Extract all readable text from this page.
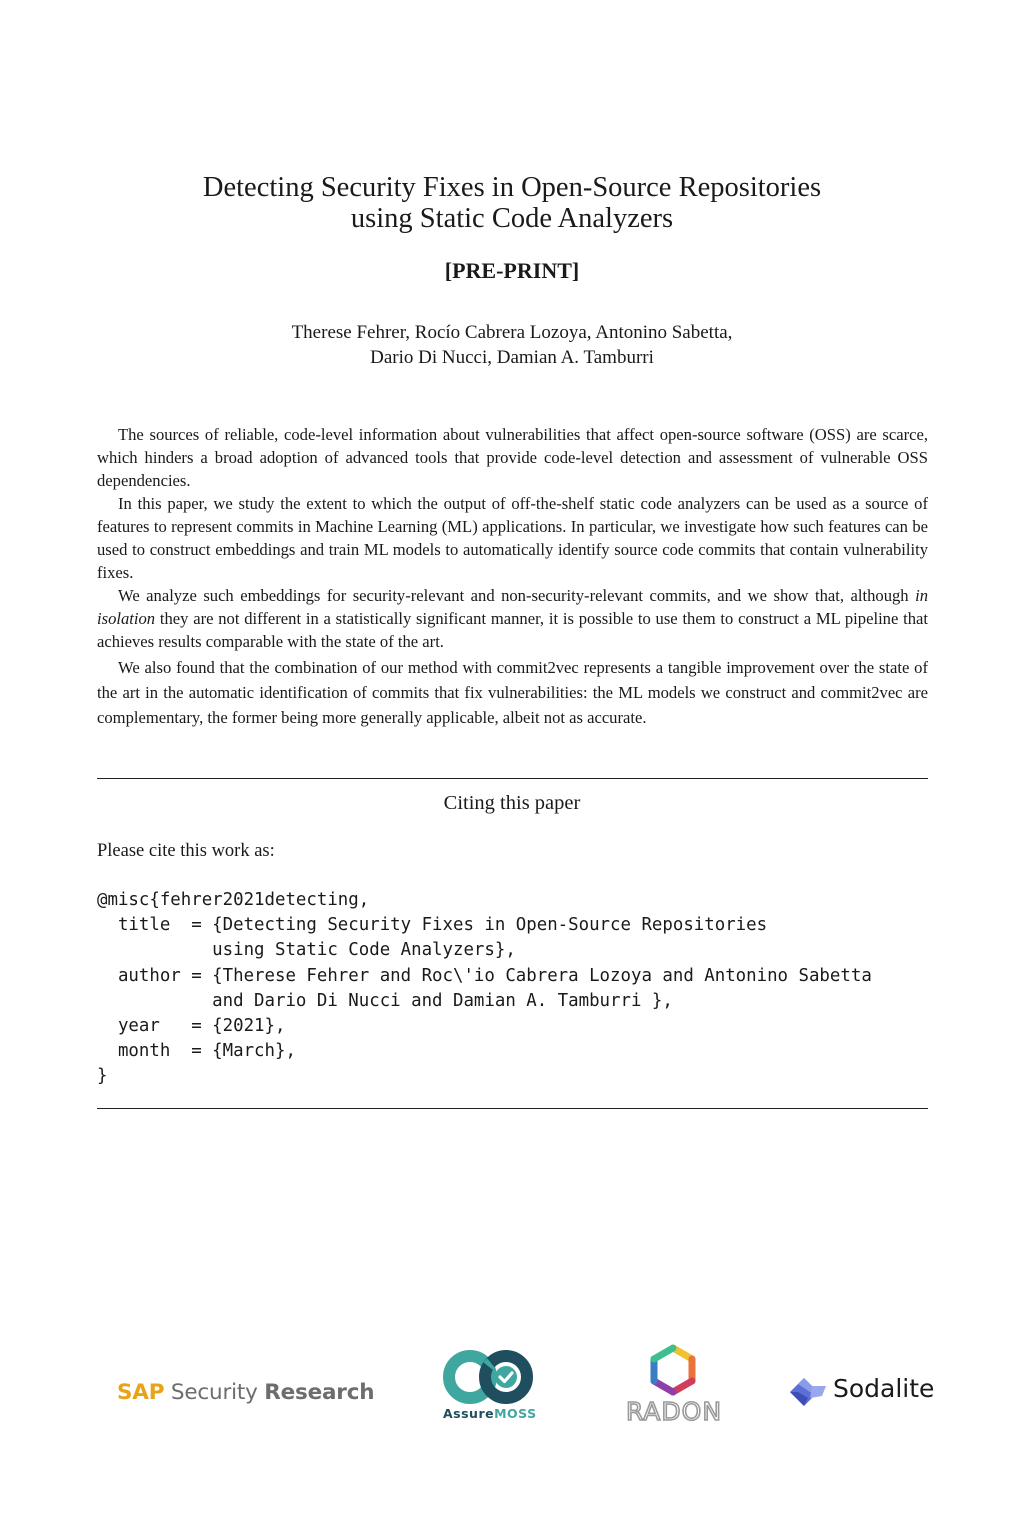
Detecting Security Fixes in Open-Source Repositories
using Static Code Analyzers
[PRE-PRINT]
Therese Fehrer, Rocío Cabrera Lozoya, Antonino Sabetta,
Dario Di Nucci, Damian A. Tamburri

The sources of reliable, code-level information about vulnerabilities that affect open-source software (OSS) are scarce, which hinders a broad adoption of advanced tools that provide code-level detection and assessment of vulnerable OSS dependencies.

In this paper, we study the extent to which the output of off-the-shelf static code analyzers can be used as a source of features to represent commits in Machine Learning (ML) applications. In particular, we investigate how such features can be used to construct embeddings and train ML models to automatically identify source code commits that contain vulnerability fixes.

We analyze such embeddings for security-relevant and non-security-relevant commits, and we show that, although in isolation they are not different in a statistically significant manner, it is possible to use them to construct a ML pipeline that achieves results comparable with the state of the art.

We also found that the combination of our method with commit2vec represents a tangible improvement over the state of the art in the automatic identification of commits that fix vulnerabilities: the ML models we construct and commit2vec are complementary, the former being more generally applicable, albeit not as accurate.

Citing this paper
Please cite this work as:
@misc{fehrer2021detecting,
title  = {Detecting Security Fixes in Open-Source Repositories
using Static Code Analyzers},
author = {Therese Fehrer and Roc\'io Cabrera Lozoya and Antonino Sabetta
and Dario Di Nucci and Damian A. Tamburri },
year   = {2021},
month  = {March},
}
SAP Security Research
AssureMOSS	RADON
Sodalite
